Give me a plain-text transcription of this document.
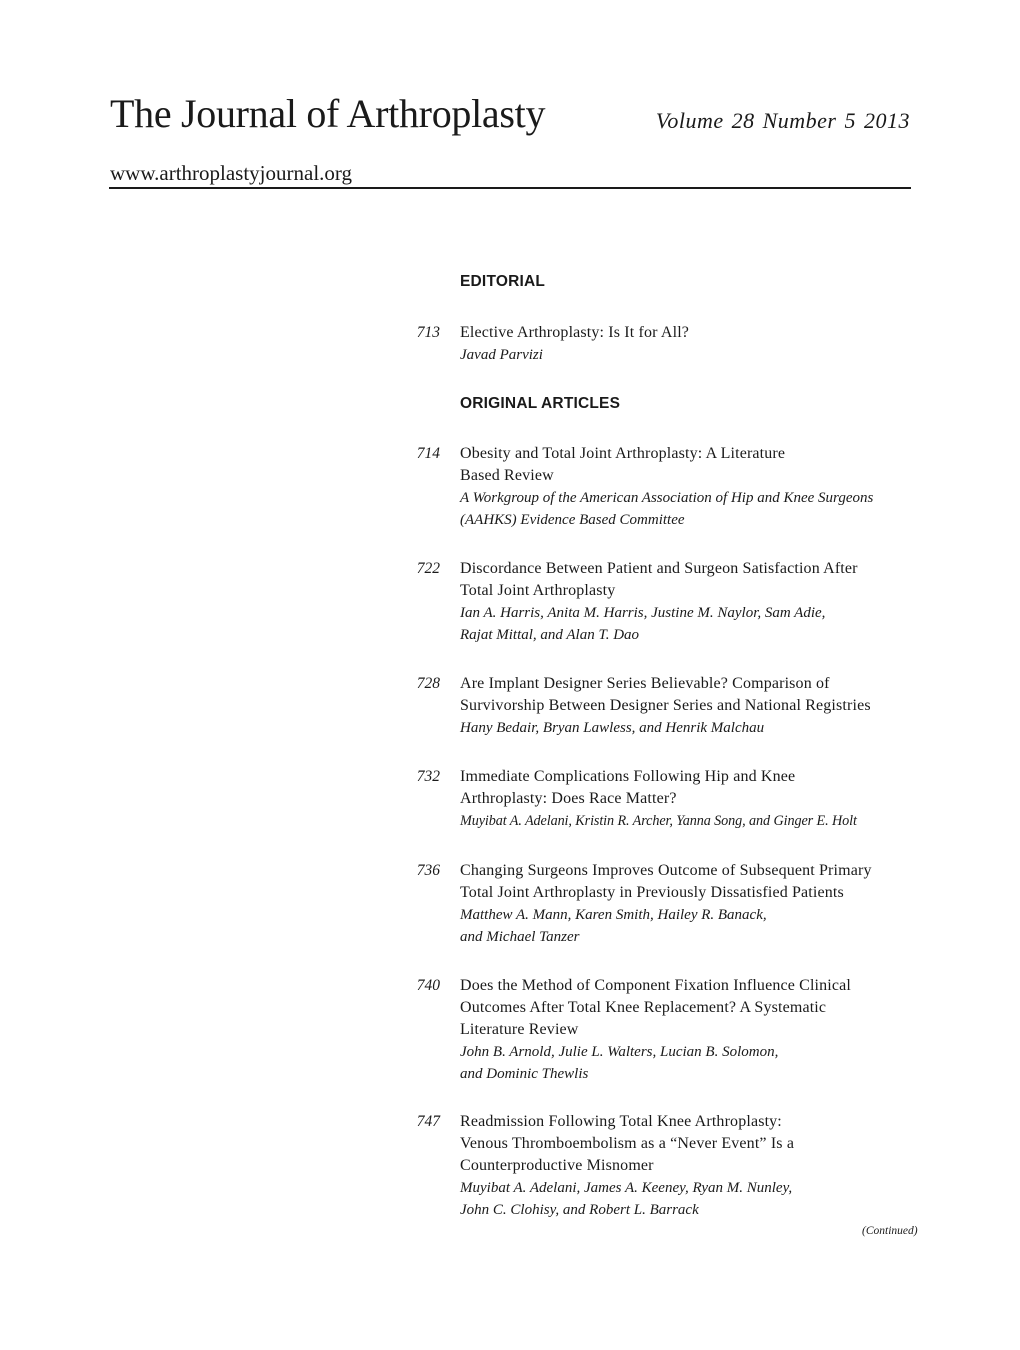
The Journal of Arthroplasty	Volume 28 Number 5 2013
www.arthroplastyjournal.org
EDITORIAL
713 Elective Arthroplasty: Is It for All?
Javad Parvizi
ORIGINAL ARTICLES
714 Obesity and Total Joint Arthroplasty: A Literature
Based Review
A Workgroup of the American Association of Hip and Knee Surgeons
(AAHKS) Evidence Based Committee
722 Discordance Between Patient and Surgeon Satisfaction After
Total Joint Arthroplasty
Ian A. Harris, Anita M. Harris, Justine M. Naylor, Sam Adie,
Rajat Mittal, and Alan T. Dao
728 Are Implant Designer Series Believable? Comparison of
Survivorship Between Designer Series and National Registries
Hany Bedair, Bryan Lawless, and Henrik Malchau
732 Immediate Complications Following Hip and Knee
Arthroplasty: Does Race Matter?
Muyibat A. Adelani, Kristin R. Archer, Yanna Song, and Ginger E. Holt
736 Changing Surgeons Improves Outcome of Subsequent Primary
Total Joint Arthroplasty in Previously Dissatisfied Patients
Matthew A. Mann, Karen Smith, Hailey R. Banack,
and Michael Tanzer
740 Does the Method of Component Fixation Influence Clinical
Outcomes After Total Knee Replacement? A Systematic
Literature Review
John B. Arnold, Julie L. Walters, Lucian B. Solomon,
and Dominic Thewlis
747 Readmission Following Total Knee Arthroplasty:
Venous Thromboembolism as a “Never Event” Is a
Counterproductive Misnomer
Muyibat A. Adelani, James A. Keeney, Ryan M. Nunley,
John C. Clohisy, and Robert L. Barrack
(Continued)
